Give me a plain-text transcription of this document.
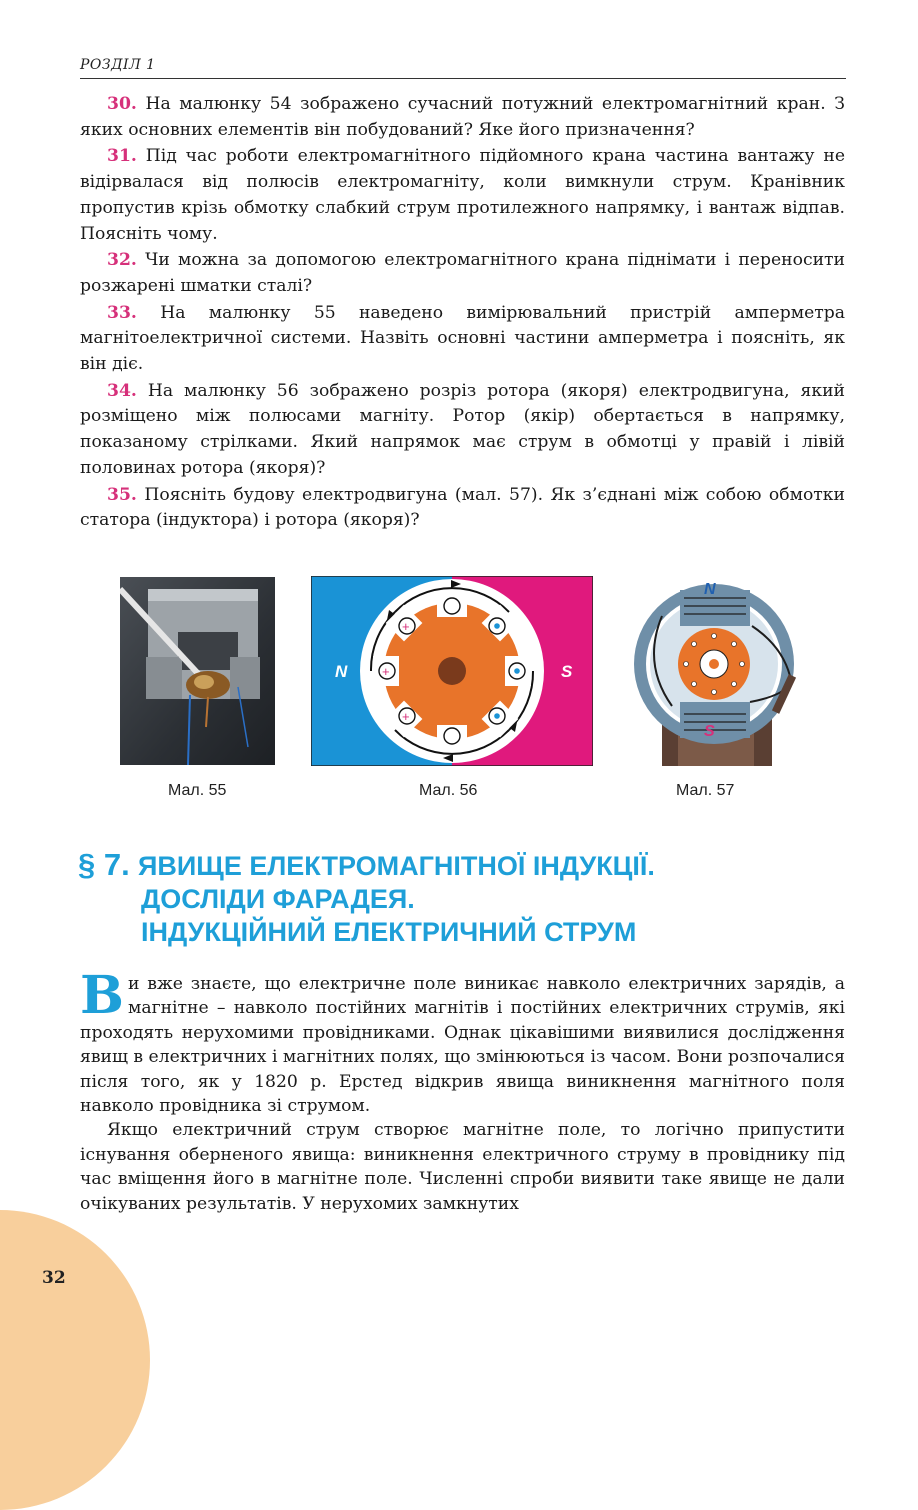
РОЗДІЛ 1

30. На малюнку 54 зображено сучасний потужний електромагнітний кран. З яких основних елементів він побудований? Яке його призначення?

31. Під час роботи електромагнітного підйомного крана частина вантажу не відірвалася від полюсів електромагніту, коли вимкнули струм. Кранівник пропустив крізь обмотку слабкий струм протилежного напрямку, і вантаж відпав. Поясніть чому.

32. Чи можна за допомогою електромагнітного крана піднімати і переносити розжарені шматки сталі?

33. На малюнку 55 наведено вимірювальний пристрій амперметра магнітоелектричної системи. Назвіть основні частини амперметра і поясніть, як він діє.

34. На малюнку 56 зображено розріз ротора (якоря) електродвигуна, який розміщено між полюсами магніту. Ротор (якір) обертається в напрямку, показаному стрілками. Який напрямок має струм в обмотці у правій і лівій половинах ротора (якоря)?

35. Поясніть будову електродвигуна (мал. 57). Як з’єднані між собою обмотки статора (індуктора) і ротора (якоря)?

Мал. 55
N	S
+
+
+
Мал. 56
N
S
Мал. 57
§ 7. ЯВИЩЕ ЕЛЕКТРОМАГНІТНОЇ ІНДУКЦІЇ.
ДОСЛІДИ ФАРАДЕЯ.
ІНДУКЦІЙНИЙ ЕЛЕКТРИЧНИЙ СТРУМ

Ви вже знаєте, що електричне поле виникає навколо електричних зарядів, а магнітне – навколо постійних магнітів і постійних електричних струмів, які проходять нерухомими провідниками. Однак цікавішими виявилися дослідження явищ в електричних і магнітних полях, що змінюються із часом. Вони розпочалися після того, як у 1820 р. Ерстед відкрив явища виникнення магнітного поля навколо провідника зі струмом.

Якщо електричний струм створює магнітне поле, то логічно припустити існування оберненого явища: виникнення електричного струму в провіднику під час вміщення його в магнітне поле. Численні спроби виявити таке явище не дали очікуваних результатів. У нерухомих замкнутих

32
